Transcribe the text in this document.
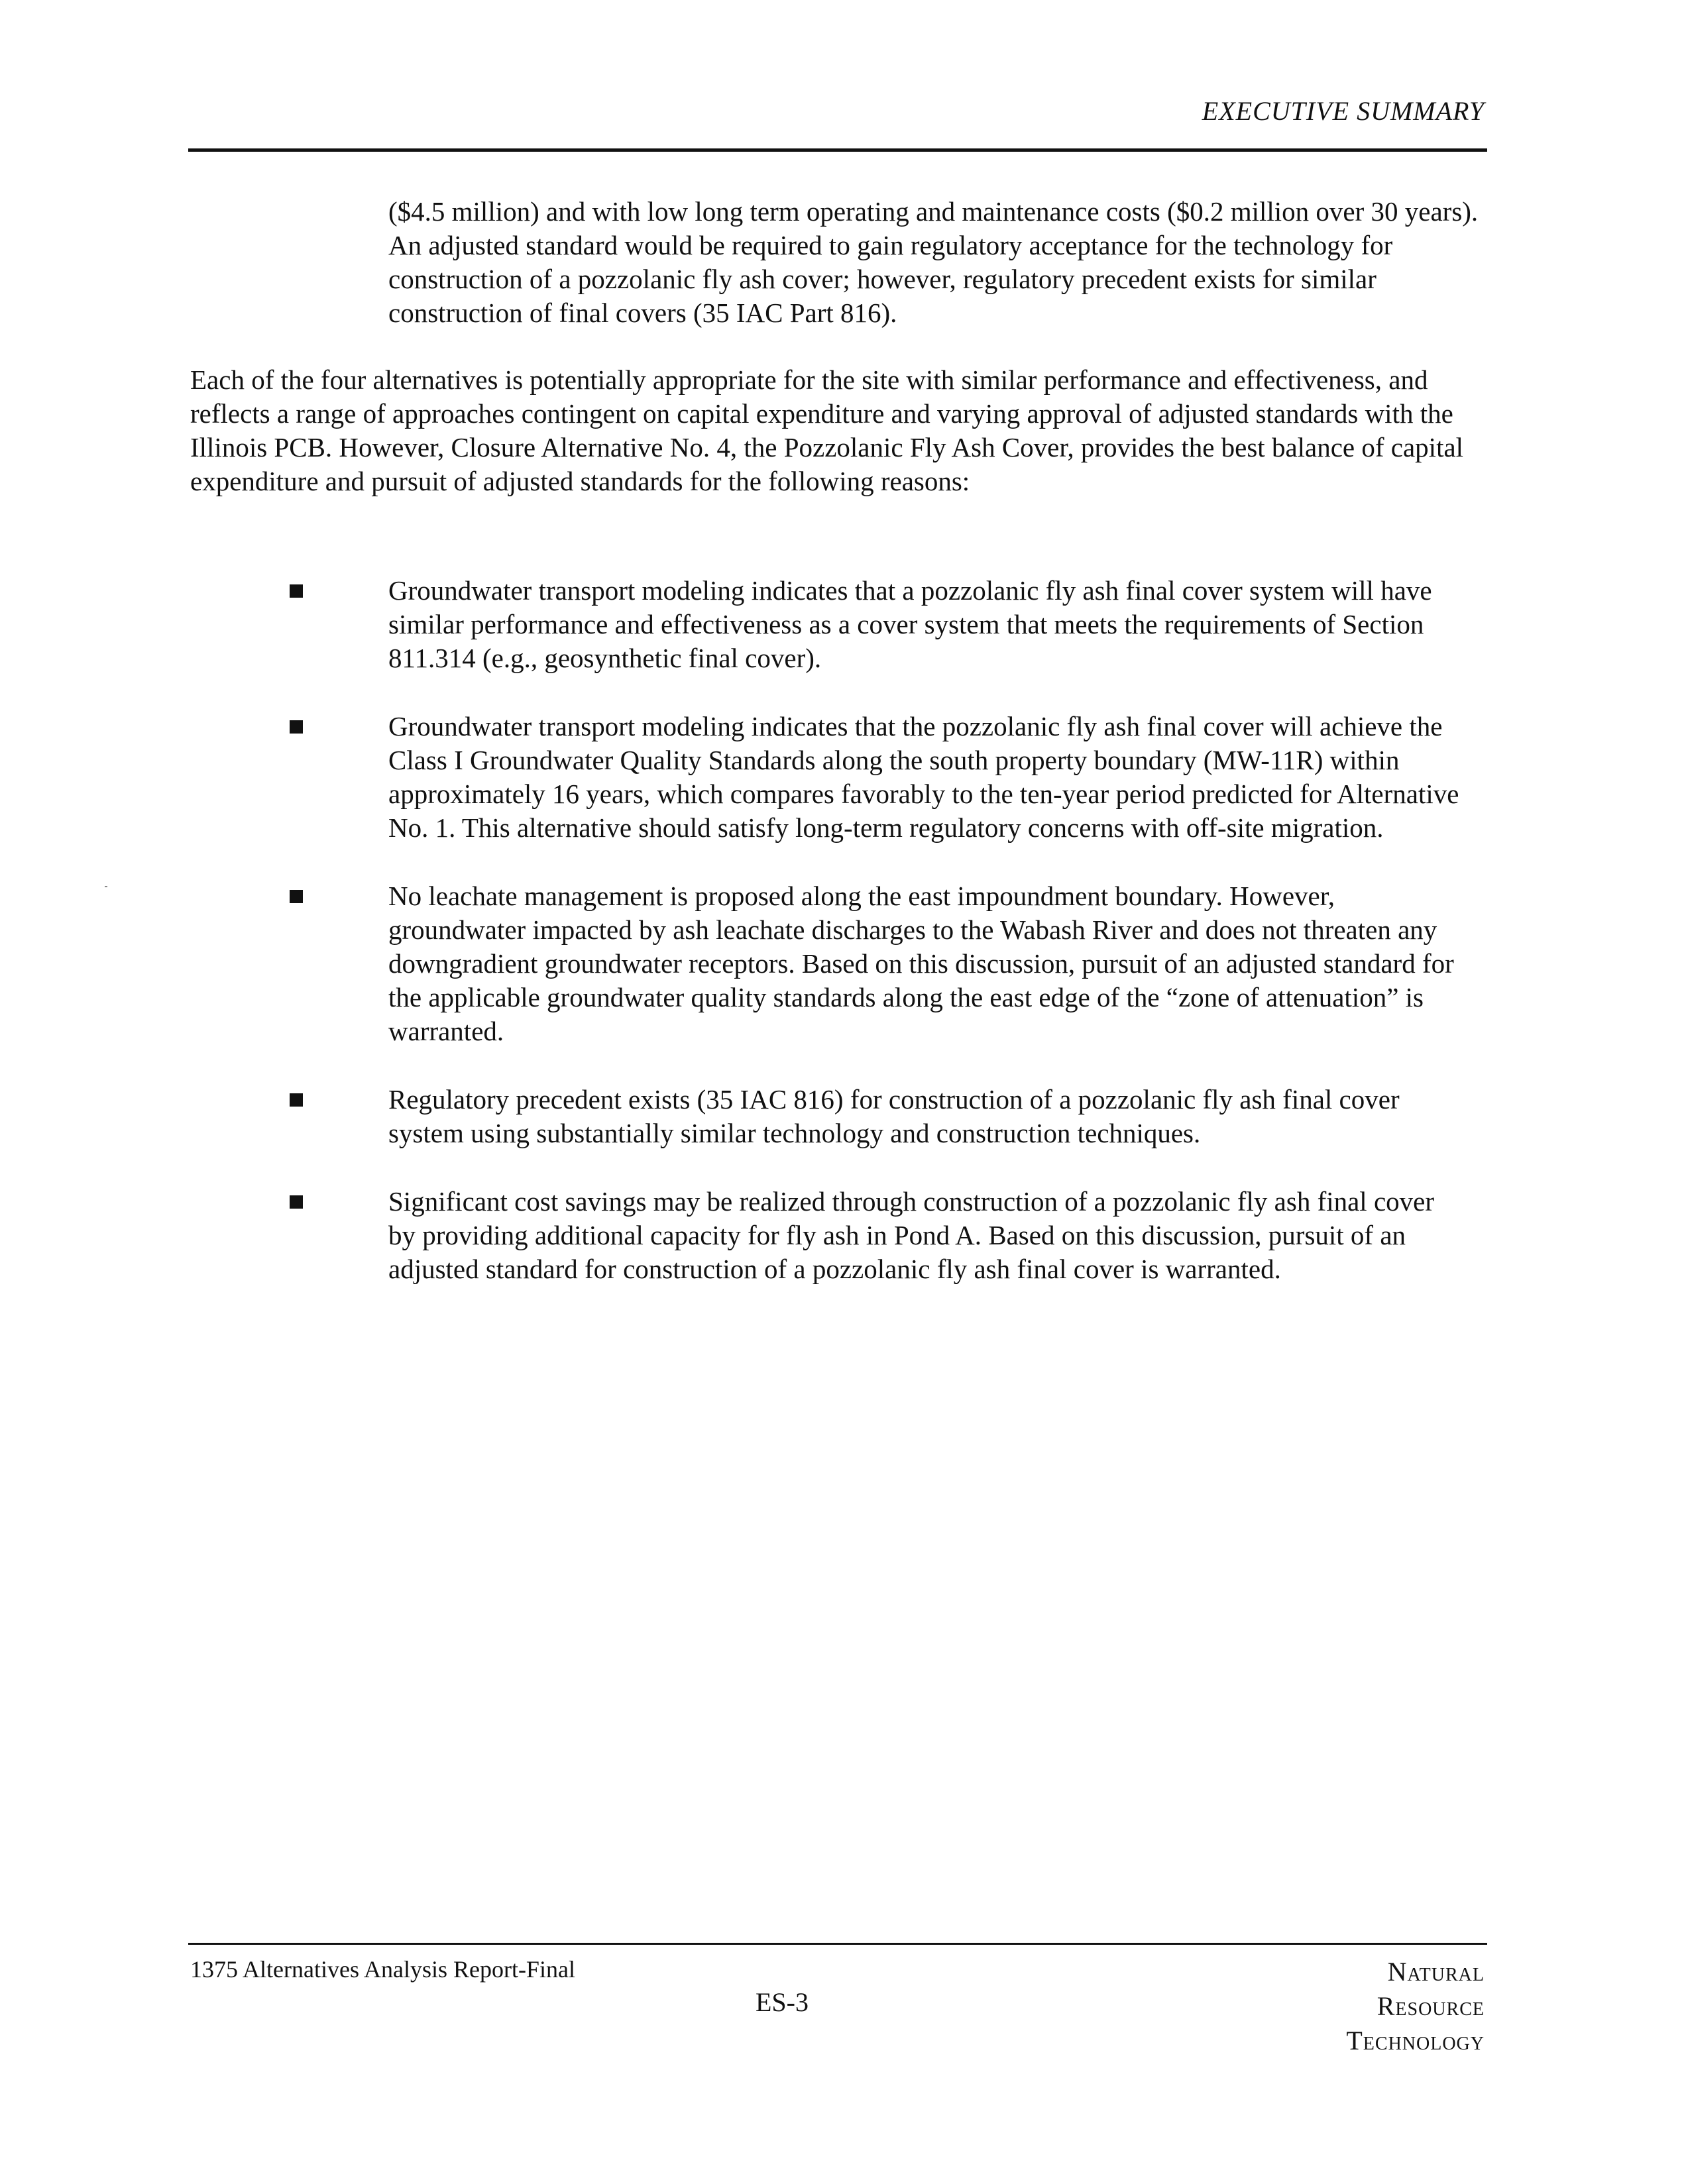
EXECUTIVE SUMMARY

($4.5 million) and with low long term operating and maintenance costs ($0.2 million over 30 years). An adjusted standard would be required to gain regulatory acceptance for the technology for construction of a pozzolanic fly ash cover; however, regulatory precedent exists for similar construction of final covers (35 IAC Part 816).

Each of the four alternatives is potentially appropriate for the site with similar performance and effectiveness, and reflects a range of approaches contingent on capital expenditure and varying approval of adjusted standards with the Illinois PCB. However, Closure Alternative No. 4, the Pozzolanic Fly Ash Cover, provides the best balance of capital expenditure and pursuit of adjusted standards for the following reasons:

Groundwater transport modeling indicates that a pozzolanic fly ash final cover system will have similar performance and effectiveness as a cover system that meets the requirements of Section 811.314 (e.g., geosynthetic final cover).

Groundwater transport modeling indicates that the pozzolanic fly ash final cover will achieve the Class I Groundwater Quality Standards along the south property boundary (MW-11R) within approximately 16 years, which compares favorably to the ten-year period predicted for Alternative No. 1. This alternative should satisfy long-term regulatory concerns with off-site migration.

No leachate management is proposed along the east impoundment boundary. However, groundwater impacted by ash leachate discharges to the Wabash River and does not threaten any downgradient groundwater receptors. Based on this discussion, pursuit of an adjusted standard for the applicable groundwater quality standards along the east edge of the “zone of attenuation” is warranted.

Regulatory precedent exists (35 IAC 816) for construction of a pozzolanic fly ash final cover system using substantially similar technology and construction techniques.

Significant cost savings may be realized through construction of a pozzolanic fly ash final cover by providing additional capacity for fly ash in Pond A. Based on this discussion, pursuit of an adjusted standard for construction of a pozzolanic fly ash final cover is warranted.

1375 Alternatives Analysis Report-Final
ES-3
Natural
Resource
Technology
